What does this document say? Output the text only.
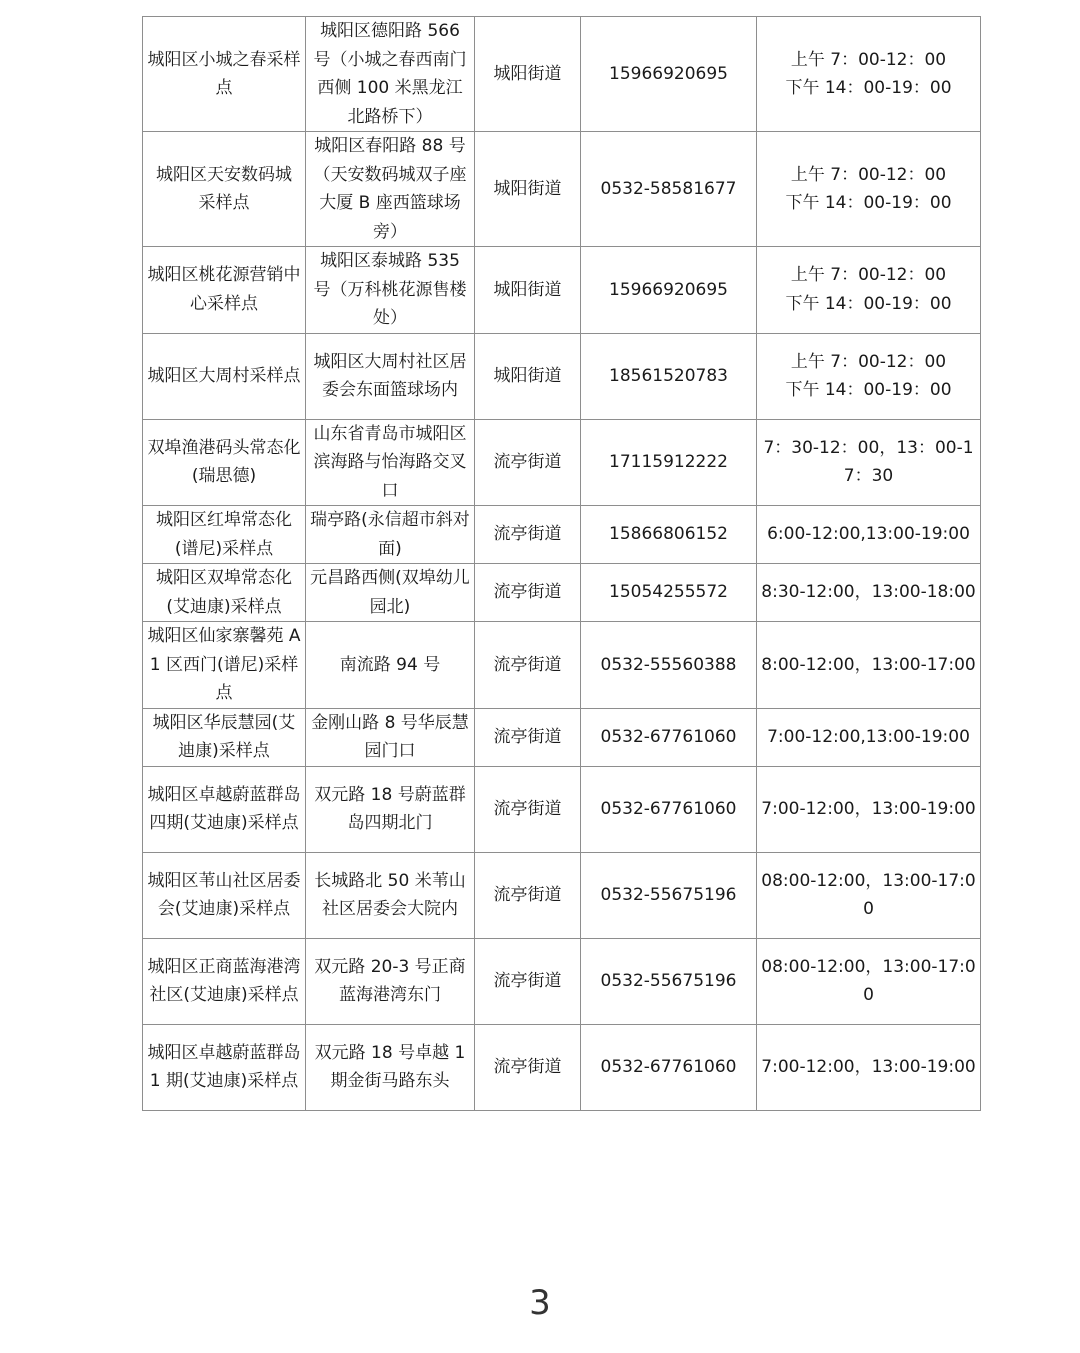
城阳区小城之春采样点	城阳区德阳路 566 号（小城之春西南门西侧 100 米黑龙江北路桥下）	城阳街道	15966920695	上午 7：00-12：00
下午 14：00-19：00

城阳区天安数码城 采样点	城阳区春阳路 88 号（天安数码城双子座大厦 B 座西篮球场旁）	城阳街道	0532-58581677	上午 7：00-12：00
下午 14：00-19：00

城阳区桃花源营销中心采样点	城阳区泰城路 535 号（万科桃花源售楼处）	城阳街道	15966920695	上午 7：00-12：00
下午 14：00-19：00

城阳区大周村采样点	城阳区大周村社区居委会东面篮球场内	城阳街道	18561520783	上午 7：00-12：00
下午 14：00-19：00

双埠渔港码头常态化(瑞思德)	山东省青岛市城阳区滨海路与怡海路交叉口	流亭街道	17115912222	7：30-12：00，13：00-17：30

城阳区红埠常态化(谱尼)采样点	瑞亭路(永信超市斜对面)	流亭街道	15866806152	6:00-12:00,13:00-19:00

城阳区双埠常态化(艾迪康)采样点	元昌路西侧(双埠幼儿园北)	流亭街道	15054255572	8:30-12:00，13:00-18:00

城阳区仙家寨馨苑 A1 区西门(谱尼)采样点	南流路 94 号	流亭街道	0532-55560388	8:00-12:00，13:00-17:00

城阳区华辰慧园(艾迪康)采样点	金刚山路 8 号华辰慧园门口	流亭街道	0532-67761060	7:00-12:00,13:00-19:00

城阳区卓越蔚蓝群岛四期(艾迪康)采样点	双元路 18 号蔚蓝群岛四期北门	流亭街道	0532-67761060	7:00-12:00，13:00-19:00

城阳区苇山社区居委会(艾迪康)采样点	长城路北 50 米苇山社区居委会大院内	流亭街道	0532-55675196	08:00-12:00，13:00-17:00

城阳区正商蓝海港湾社区(艾迪康)采样点	双元路 20-3 号正商蓝海港湾东门	流亭街道	0532-55675196	08:00-12:00，13:00-17:00

城阳区卓越蔚蓝群岛 1 期(艾迪康)采样点	双元路 18 号卓越 1 期金街马路东头	流亭街道	0532-67761060	7:00-12:00，13:00-19:00
3
